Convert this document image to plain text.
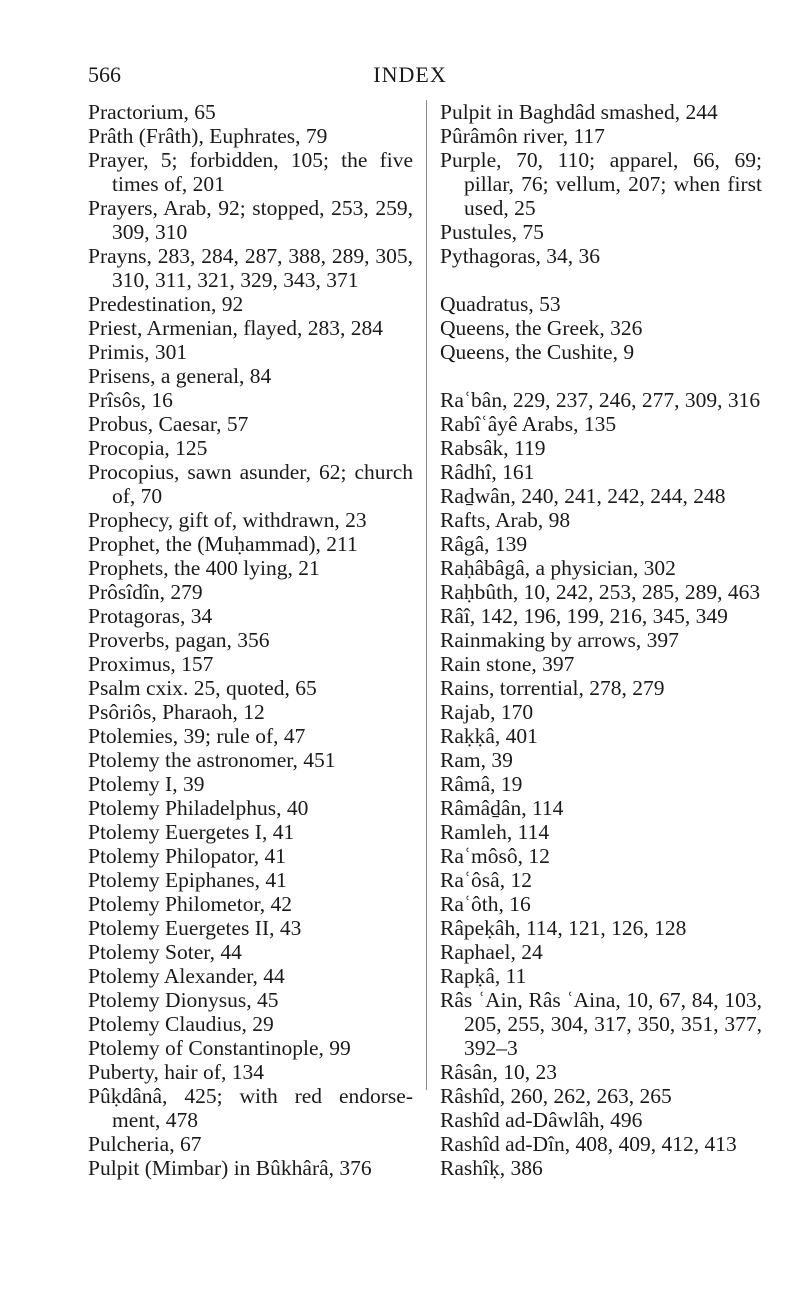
566	INDEX

Practorium, 65

Prâth (Frâth), Euphrates, 79

Prayer, 5; forbidden, 105; the five times of, 201

Prayers, Arab, 92; stopped, 253, 259, 309, 310

Prayns, 283, 284, 287, 388, 289, 305, 310, 311, 321, 329, 343, 371

Predestination, 92

Priest, Armenian, flayed, 283, 284

Primis, 301

Prisens, a general, 84

Prîsôs, 16

Probus, Caesar, 57

Procopia, 125

Procopius, sawn asunder, 62; church of, 70

Prophecy, gift of, withdrawn, 23

Prophet, the (Muḥammad), 211

Prophets, the 400 lying, 21

Prôsîdîn, 279

Protagoras, 34

Proverbs, pagan, 356

Proximus, 157

Psalm cxix. 25, quoted, 65

Psôriôs, Pharaoh, 12

Ptolemies, 39; rule of, 47

Ptolemy the astronomer, 451

Ptolemy I, 39

Ptolemy Philadelphus, 40

Ptolemy Euergetes I, 41

Ptolemy Philopator, 41

Ptolemy Epiphanes, 41

Ptolemy Philometor, 42

Ptolemy Euergetes II, 43

Ptolemy Soter, 44

Ptolemy Alexander, 44

Ptolemy Dionysus, 45

Ptolemy Claudius, 29

Ptolemy of Constantinople, 99

Puberty, hair of, 134

Pûḳdânâ, 425; with red endorse-ment, 478

Pulcheria, 67

Pulpit (Mimbar) in Bûkhârâ, 376

Pulpit in Baghdâd smashed, 244

Pûrâmôn river, 117

Purple, 70, 110; apparel, 66, 69; pillar, 76; vellum, 207; when first used, 25

Pustules, 75

Pythagoras, 34, 36

Quadratus, 53

Queens, the Greek, 326

Queens, the Cushite, 9

Raʿbân, 229, 237, 246, 277, 309, 316

Rabîʿâyê Arabs, 135

Rabsâk, 119

Râdhî, 161

Raḏwân, 240, 241, 242, 244, 248

Rafts, Arab, 98

Râgâ, 139

Raḥâbâgâ, a physician, 302

Raḥbûth, 10, 242, 253, 285, 289, 463

Râî, 142, 196, 199, 216, 345, 349

Rainmaking by arrows, 397

Rain stone, 397

Rains, torrential, 278, 279

Rajab, 170

Raḳḳâ, 401

Ram, 39

Râmâ, 19

Râmâḏân, 114

Ramleh, 114

Raʿmôsô, 12

Raʿôsâ, 12

Raʿôth, 16

Râpeḳâh, 114, 121, 126, 128

Raphael, 24

Rapḳâ, 11

Râs ʿAin, Râs ʿAina, 10, 67, 84, 103, 205, 255, 304, 317, 350, 351, 377, 392–3

Râsân, 10, 23

Râshîd, 260, 262, 263, 265

Rashîd ad-Dâwlâh, 496

Rashîd ad-Dîn, 408, 409, 412, 413

Rashîḳ, 386
